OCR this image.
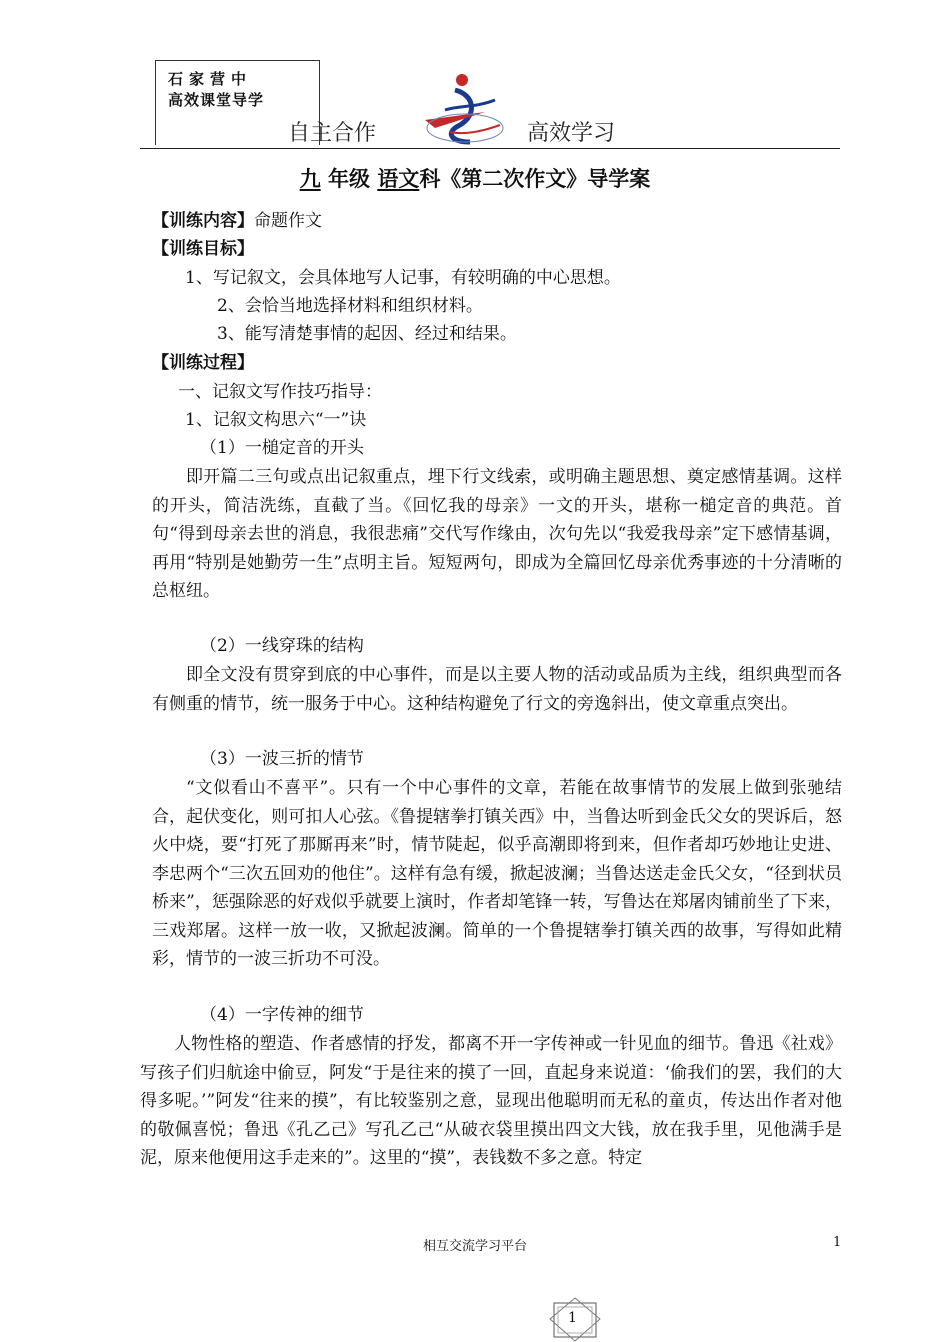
石家营中
高效课堂导学
自主合作	高效学习
九 年级 语文科《第二次作文》导学案
【训练内容】命题作文
【训练目标】
1、写记叙文，会具体地写人记事，有较明确的中心思想。
2、会恰当地选择材料和组织材料。
3、能写清楚事情的起因、经过和结果。
【训练过程】
一、记叙文写作技巧指导：
1、记叙文构思六“一”诀
（1）一槌定音的开头
即开篇二三句或点出记叙重点，埋下行文线索，或明确主题思想、奠定感情基调。这样的开头，简洁洗练，直截了当。《回忆我的母亲》一文的开头，堪称一槌定音的典范。首句“得到母亲去世的消息，我很悲痛”交代写作缘由，次句先以“我爱我母亲”定下感情基调，再用“特别是她勤劳一生”点明主旨。短短两句，即成为全篇回忆母亲优秀事迹的十分清晰的总枢纽。
（2）一线穿珠的结构
即全文没有贯穿到底的中心事件，而是以主要人物的活动或品质为主线，组织典型而各有侧重的情节，统一服务于中心。这种结构避免了行文的旁逸斜出，使文章重点突出。
（3）一波三折的情节
“文似看山不喜平”。只有一个中心事件的文章，若能在故事情节的发展上做到张驰结合，起伏变化，则可扣人心弦。《鲁提辖拳打镇关西》中，当鲁达听到金氏父女的哭诉后，怒火中烧，要“打死了那厮再来”时，情节陡起，似乎高潮即将到来，但作者却巧妙地让史进、李忠两个“三次五回劝的他住”。这样有急有缓，掀起波澜；当鲁达送走金氏父女，“径到状员桥来”，惩强除恶的好戏似乎就要上演时，作者却笔锋一转，写鲁达在郑屠肉铺前坐了下来，三戏郑屠。这样一放一收，又掀起波澜。简单的一个鲁提辖拳打镇关西的故事，写得如此精彩，情节的一波三折功不可没。
（4）一字传神的细节
人物性格的塑造、作者感情的抒发，都离不开一字传神或一针见血的细节。鲁迅《社戏》写孩子们归航途中偷豆，阿发“于是往来的摸了一回，直起身来说道：‘偷我们的罢，我们的大得多呢。’”阿发“往来的摸”，有比较鉴别之意，显现出他聪明而无私的童贞，传达出作者对他的敬佩喜悦；鲁迅《孔乙己》写孔乙己“从破衣袋里摸出四文大钱，放在我手里，见他满手是泥，原来他便用这手走来的”。这里的“摸”，表钱数不多之意。特定
相互交流学习平台	1
1
